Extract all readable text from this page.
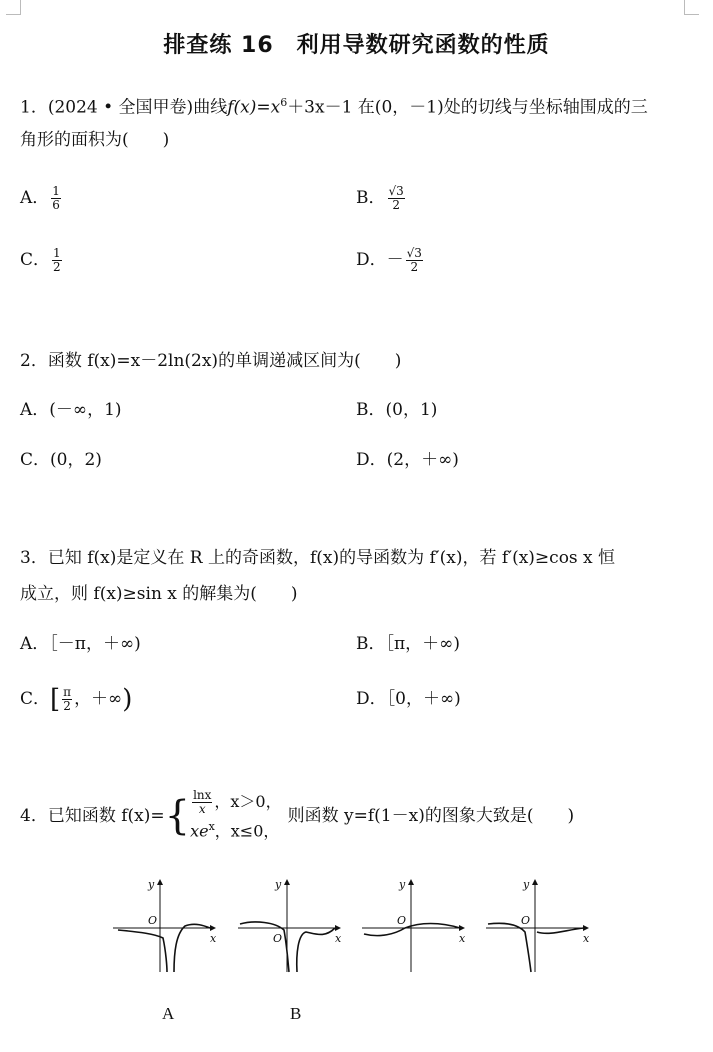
排查练 16　利用导数研究函数的性质
1．(2024 • 全国甲卷)曲线$f(x)=x^6+3x-1$ 在(0，－1)处的切线与坐标轴围成的三
角形的面积为(　　)
A． $\frac{1}{6}$	B． $\frac{√3}{2}$
C． $\frac{1}{2}$	D．－ $\frac{√3}{2}$
2．函数 f(x)=x－2ln(2x)的单调递减区间为(　　)
A．(－∞，1)	B．(0，1)
C．(0，2)	D．(2，＋∞)
3．已知 f(x)是定义在 R 上的奇函数，f(x)的导函数为 f′(x)，若 f′(x)≥cos x 恒
成立，则 f(x)≥sin x 的解集为(　　)
A．［－π，＋∞)	B．［π，＋∞)
C．[ $\frac{\pi}{2}$ ，＋∞)	D．［0，＋∞)
4．已知函数 f(x)= { $\frac{\ln x}{x}$ ，x＞0，
$xe^x$，x≤0，
则函数 y=f(1－x)的图象大致是(　　)
y
x
O
y
x
O
y
x
O
y
x
O
A	B
